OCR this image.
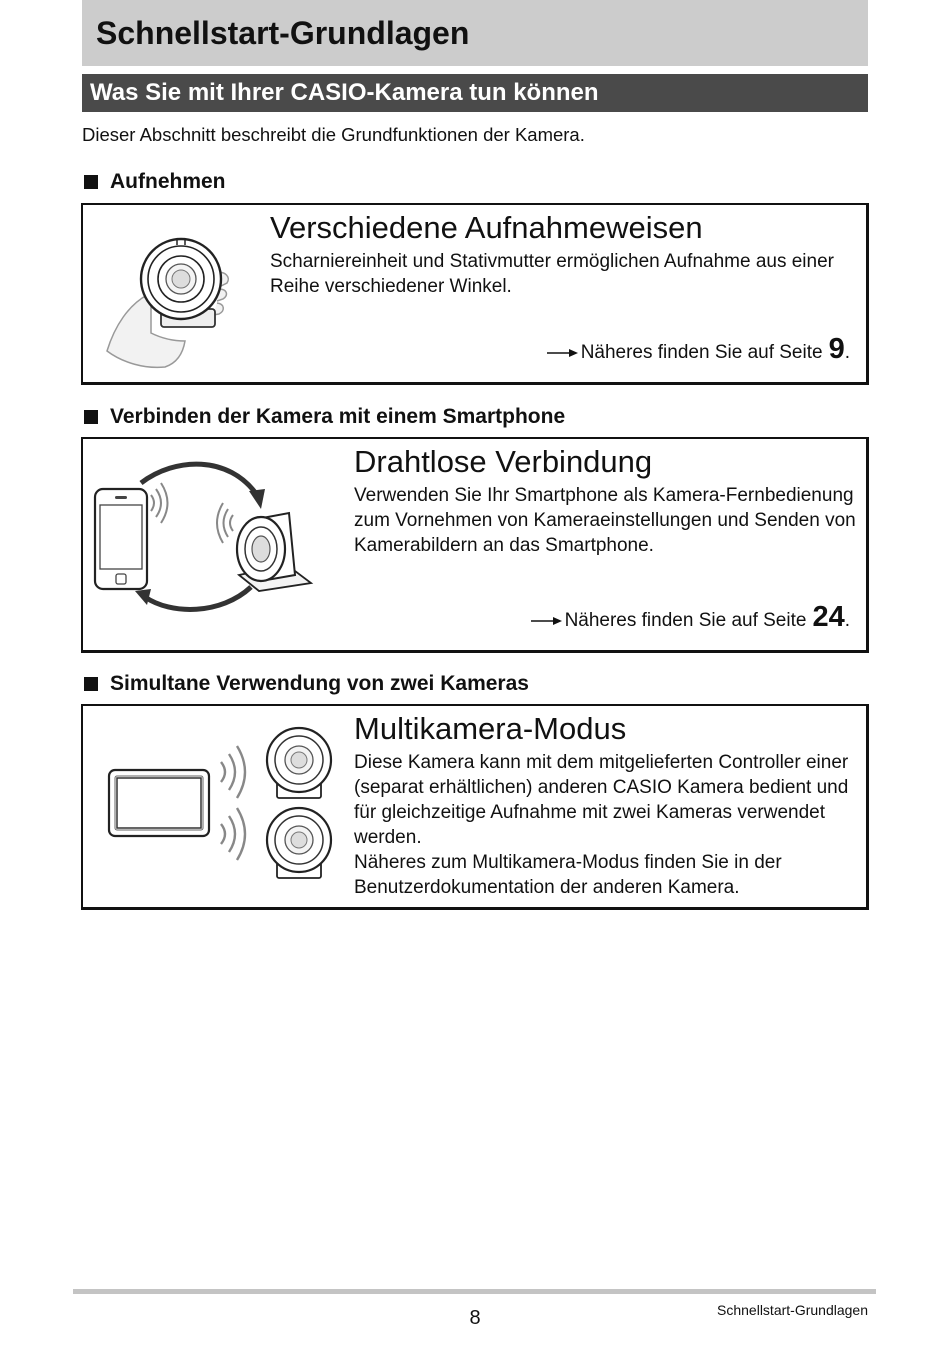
Schnellstart-Grundlagen
Was Sie mit Ihrer CASIO-Kamera tun können
Dieser Abschnitt beschreibt die Grundfunktionen der Kamera.
Aufnehmen
Verschiedene Aufnahmeweisen
Scharniereinheit und Stativmutter ermöglichen Aufnahme aus einer Reihe verschiedener Winkel.
Näheres finden Sie auf Seite 9 .
Verbinden der Kamera mit einem Smartphone
Drahtlose Verbindung
Verwenden Sie Ihr Smartphone als Kamera-Fernbedienung zum Vornehmen von Kameraeinstellungen und Senden von Kamerabildern an das Smartphone.
Näheres finden Sie auf Seite 24 .
Simultane Verwendung von zwei Kameras
Multikamera-Modus
Diese Kamera kann mit dem mitgelieferten Controller einer (separat erhältlichen) anderen CASIO Kamera bedient und für gleichzeitige Aufnahme mit zwei Kameras verwendet werden.
Näheres zum Multikamera-Modus finden Sie in der Benutzerdokumentation der anderen Kamera.
8	Schnellstart-Grundlagen
